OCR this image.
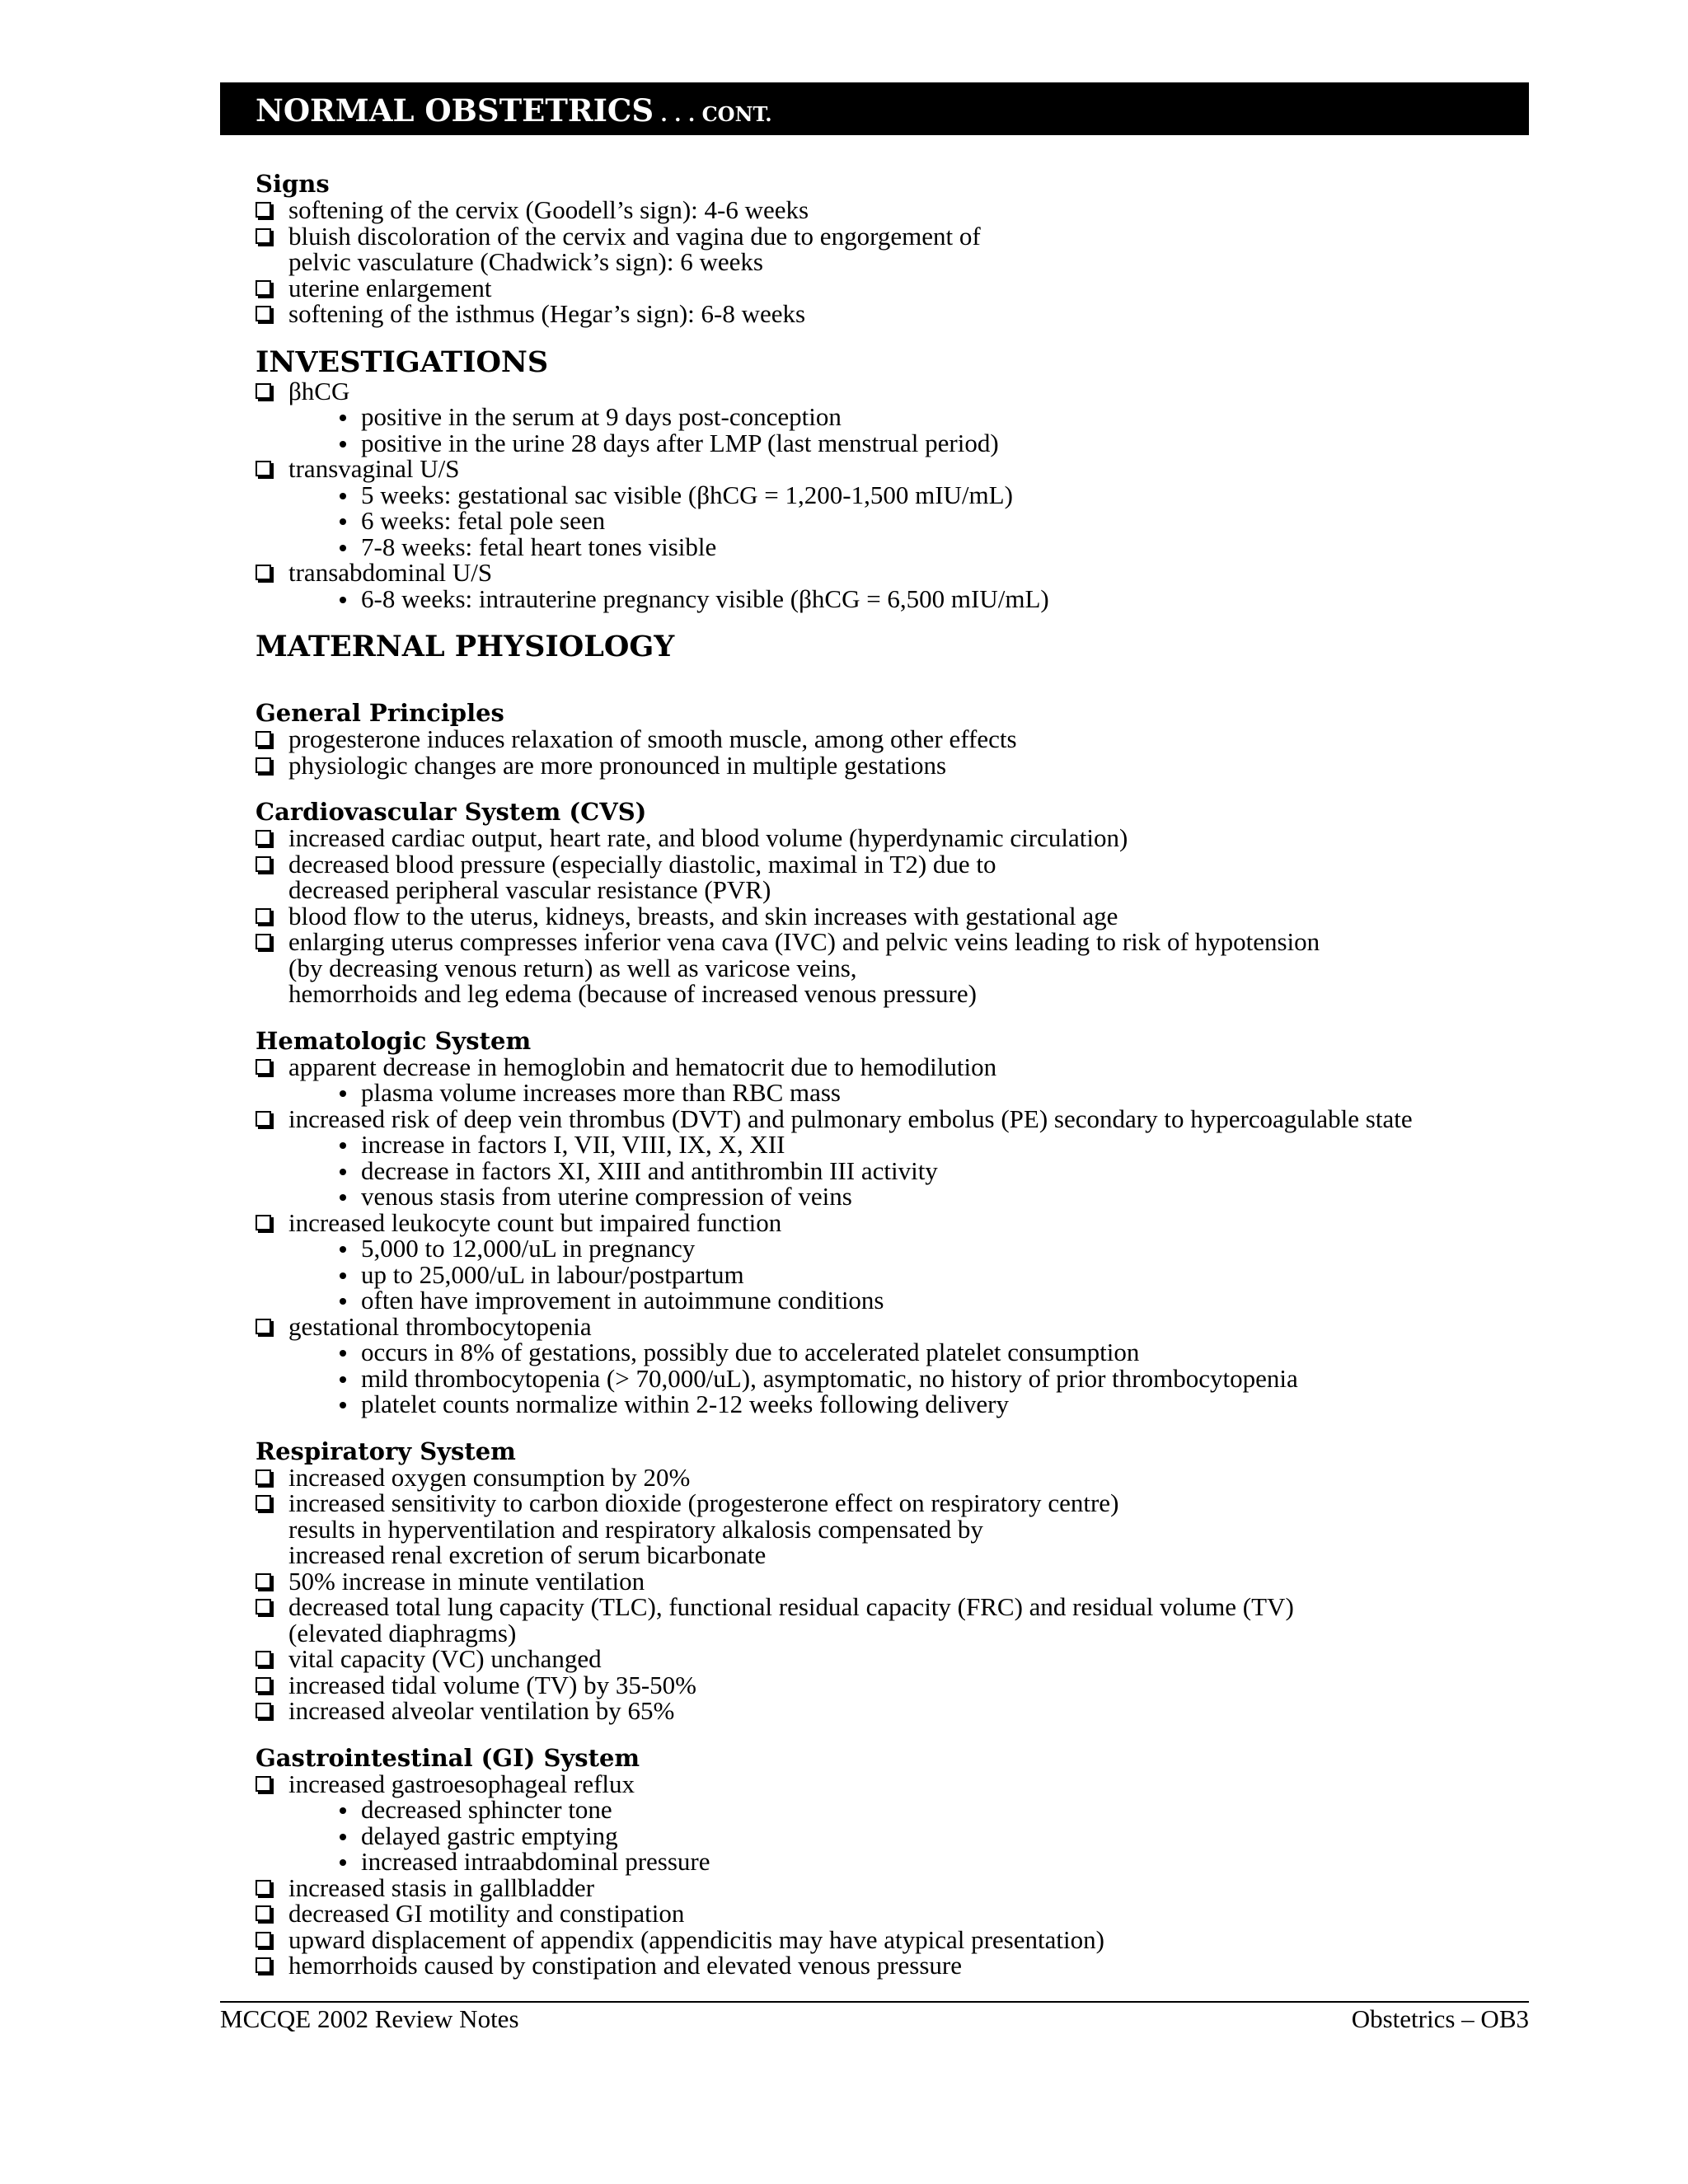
NORMAL OBSTETRICS . . . CONT.
Signs
softening of the cervix (Goodell’s sign): 4-6 weeks
bluish discoloration of the cervix and vagina due to engorgement of
pelvic vasculature (Chadwick’s sign): 6 weeks
uterine enlargement
softening of the isthmus (Hegar’s sign): 6-8 weeks
INVESTIGATIONS
βhCG
positive in the serum at 9 days post-conception
positive in the urine 28 days after LMP (last menstrual period)
transvaginal U/S
5 weeks: gestational sac visible (βhCG = 1,200-1,500 mIU/mL)
6 weeks: fetal pole seen
7-8 weeks: fetal heart tones visible
transabdominal U/S
6-8 weeks: intrauterine pregnancy visible (βhCG = 6,500 mIU/mL)
MATERNAL PHYSIOLOGY
General Principles
progesterone induces relaxation of smooth muscle, among other effects
physiologic changes are more pronounced in multiple gestations
Cardiovascular System (CVS)
increased cardiac output, heart rate, and blood volume (hyperdynamic circulation)
decreased blood pressure (especially diastolic, maximal in T2) due to
decreased peripheral vascular resistance (PVR)
blood flow to the uterus, kidneys, breasts, and skin increases with gestational age
enlarging uterus compresses inferior vena cava (IVC) and pelvic veins leading to risk of hypotension
(by decreasing venous return) as well as varicose veins,
hemorrhoids and leg edema (because of increased venous pressure)
Hematologic System
apparent decrease in hemoglobin and hematocrit due to hemodilution
plasma volume increases more than RBC mass
increased risk of deep vein thrombus (DVT) and pulmonary embolus (PE) secondary to hypercoagulable state
increase in factors I, VII, VIII, IX, X, XII
decrease in factors XI, XIII and antithrombin III activity
venous stasis from uterine compression of veins
increased leukocyte count but impaired function
5,000 to 12,000/uL in pregnancy
up to 25,000/uL in labour/postpartum
often have improvement in autoimmune conditions
gestational thrombocytopenia
occurs in 8% of gestations, possibly due to accelerated platelet consumption
mild thrombocytopenia (> 70,000/uL), asymptomatic, no history of prior thrombocytopenia
platelet counts normalize within 2-12 weeks following delivery
Respiratory System
increased oxygen consumption by 20%
increased sensitivity to carbon dioxide (progesterone effect on respiratory centre)
results in hyperventilation and respiratory alkalosis compensated by
increased renal excretion of serum bicarbonate
50% increase in minute ventilation
decreased total lung capacity (TLC), functional residual capacity (FRC) and residual volume (TV)
(elevated diaphragms)
vital capacity (VC) unchanged
increased tidal volume (TV) by 35-50%
increased alveolar ventilation by 65%
Gastrointestinal (GI) System
increased gastroesophageal reflux
decreased sphincter tone
delayed gastric emptying
increased intraabdominal pressure
increased stasis in gallbladder
decreased GI motility and constipation
upward displacement of appendix (appendicitis may have atypical presentation)
hemorrhoids caused by constipation and elevated venous pressure
MCCQE 2002 Review Notes	Obstetrics – OB3
